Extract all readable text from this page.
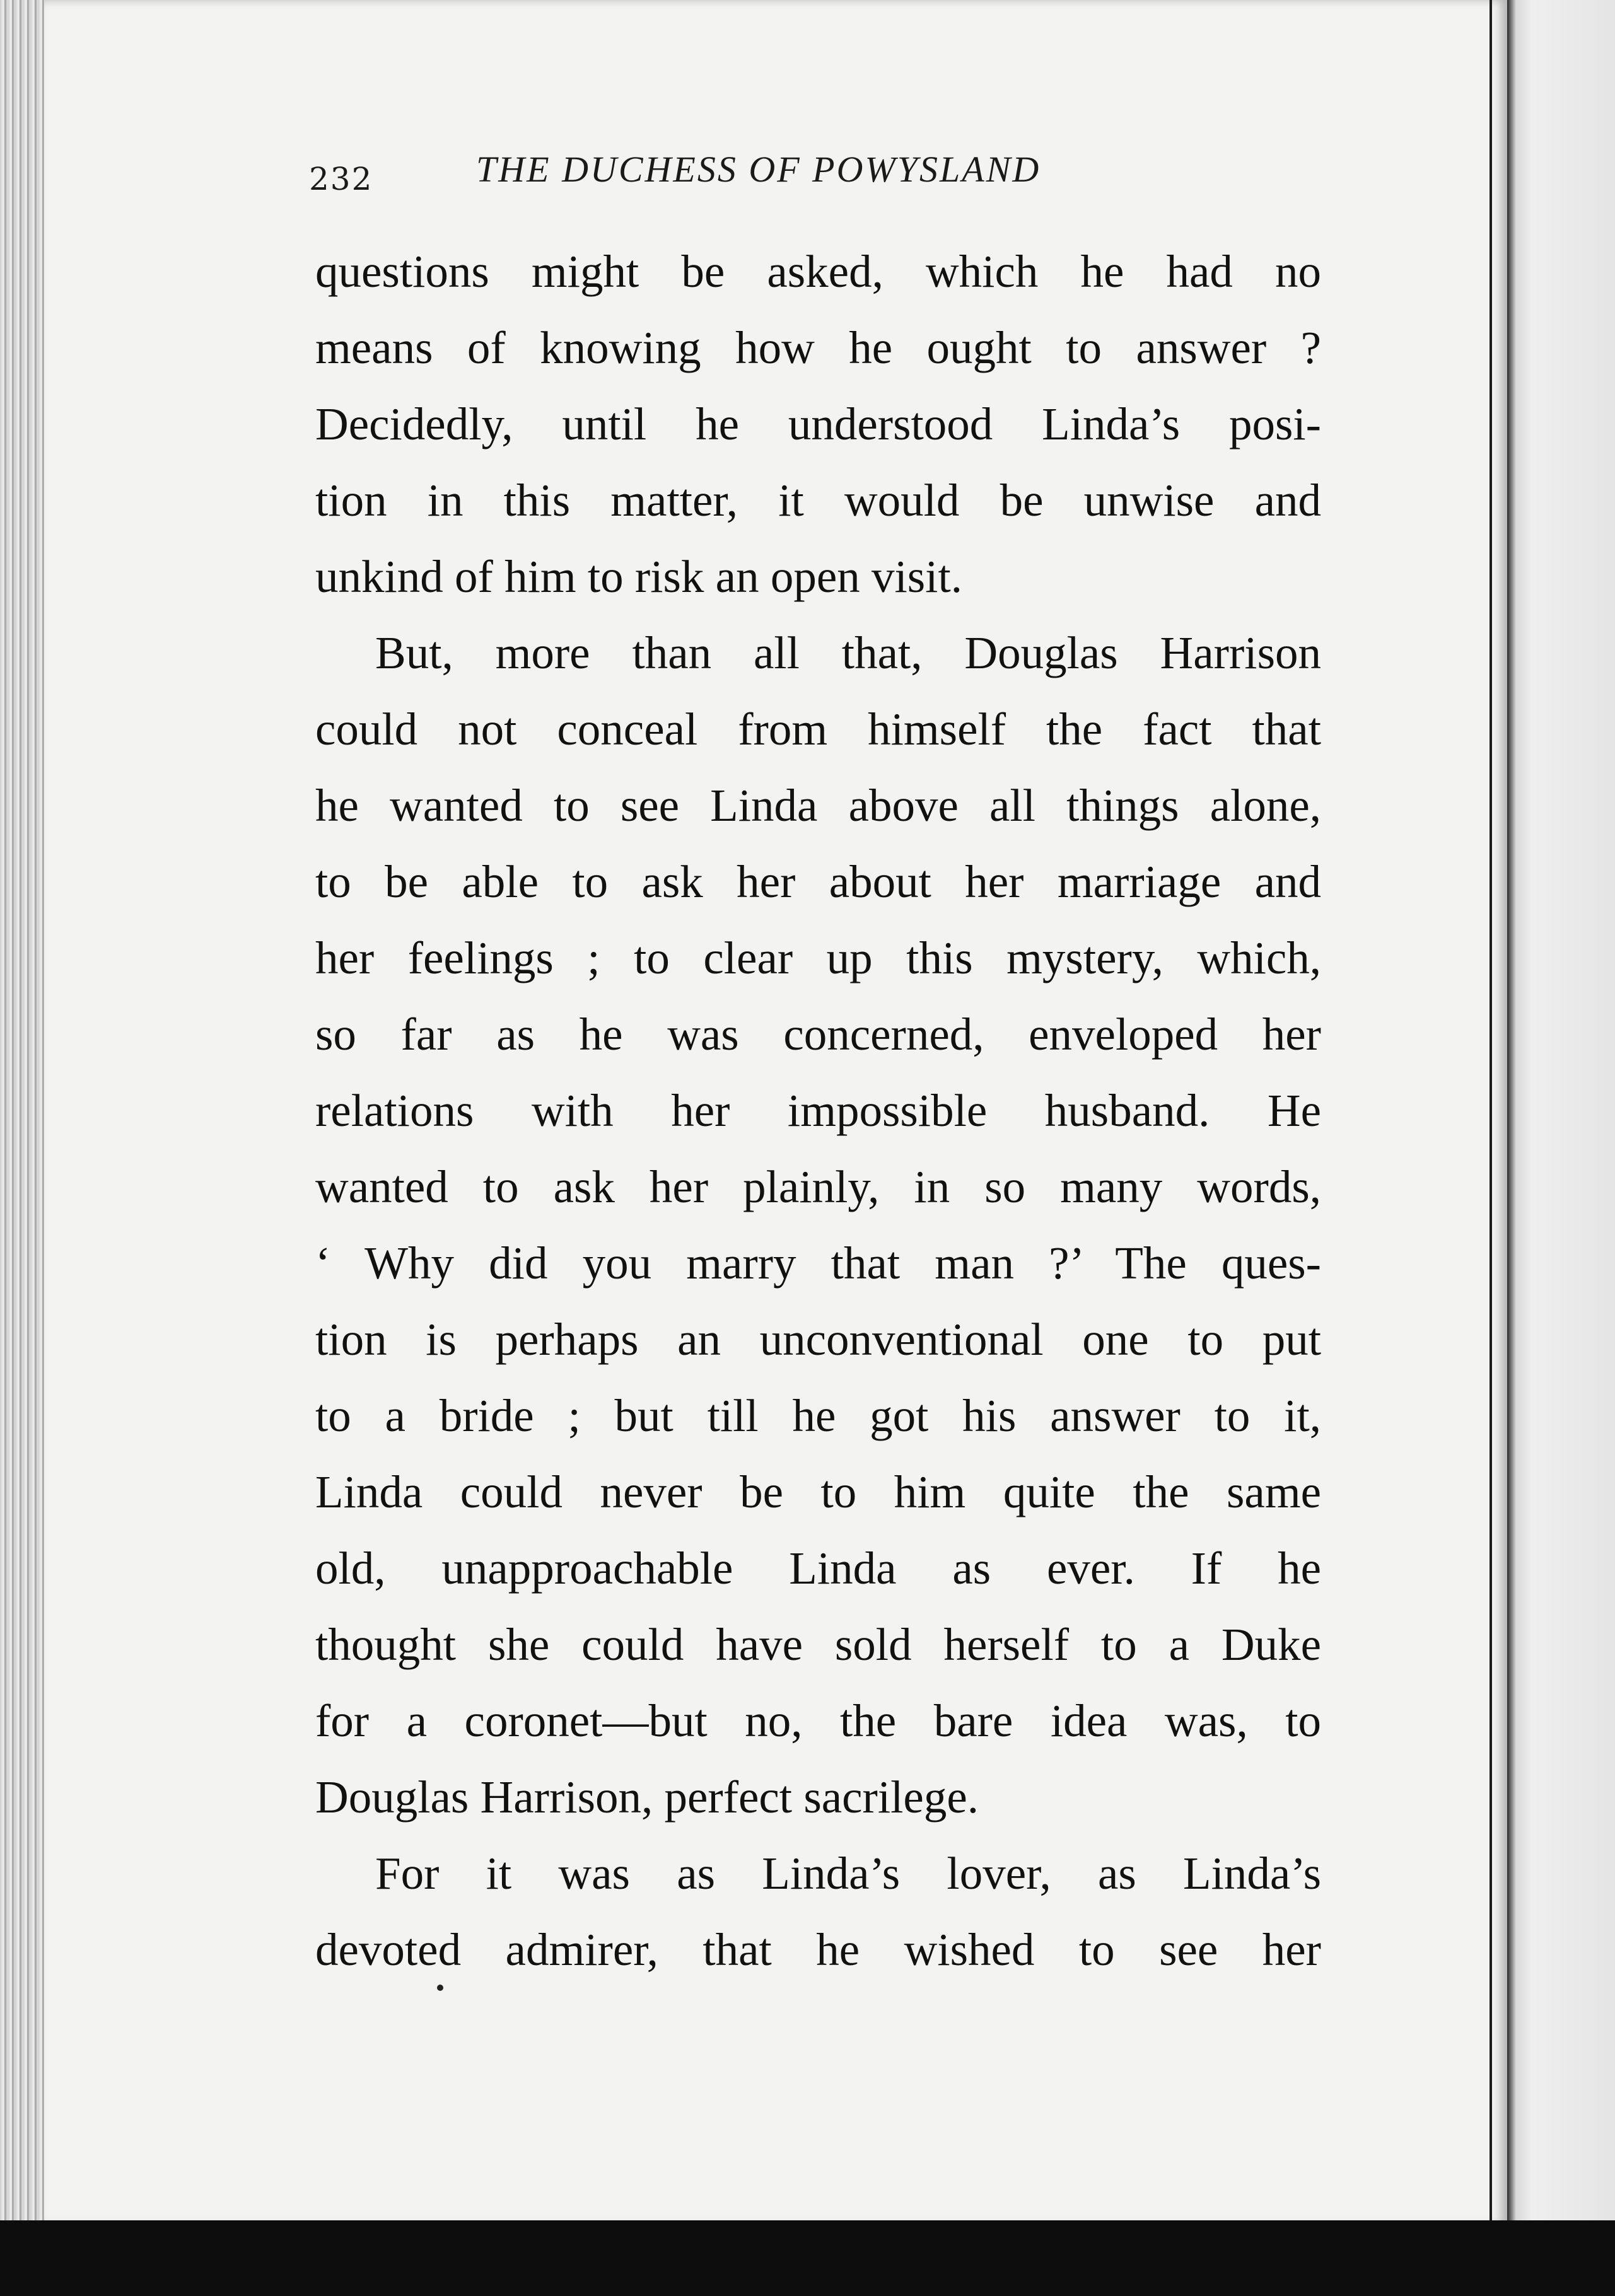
232	THE DUCHESS OF POWYSLAND
questions might be asked, which he had no
means of knowing how he ought to answer ?
Decidedly, until he understood Linda’s posi-
tion in this matter, it would be unwise and
unkind of him to risk an open visit.
But, more than all that, Douglas Harrison
could not conceal from himself the fact that
he wanted to see Linda above all things alone,
to be able to ask her about her marriage and
her feelings ; to clear up this mystery, which,
so far as he was concerned, enveloped her
relations with her impossible husband. He
wanted to ask her plainly, in so many words,
‘ Why did you marry that man ?’ The ques-
tion is perhaps an unconventional one to put
to a bride ; but till he got his answer to it,
Linda could never be to him quite the same
old, unapproachable Linda as ever. If he
thought she could have sold herself to a Duke
for a coronet—but no, the bare idea was, to
Douglas Harrison, perfect sacrilege.
For it was as Linda’s lover, as Linda’s
devoted admirer, that he wished to see her
